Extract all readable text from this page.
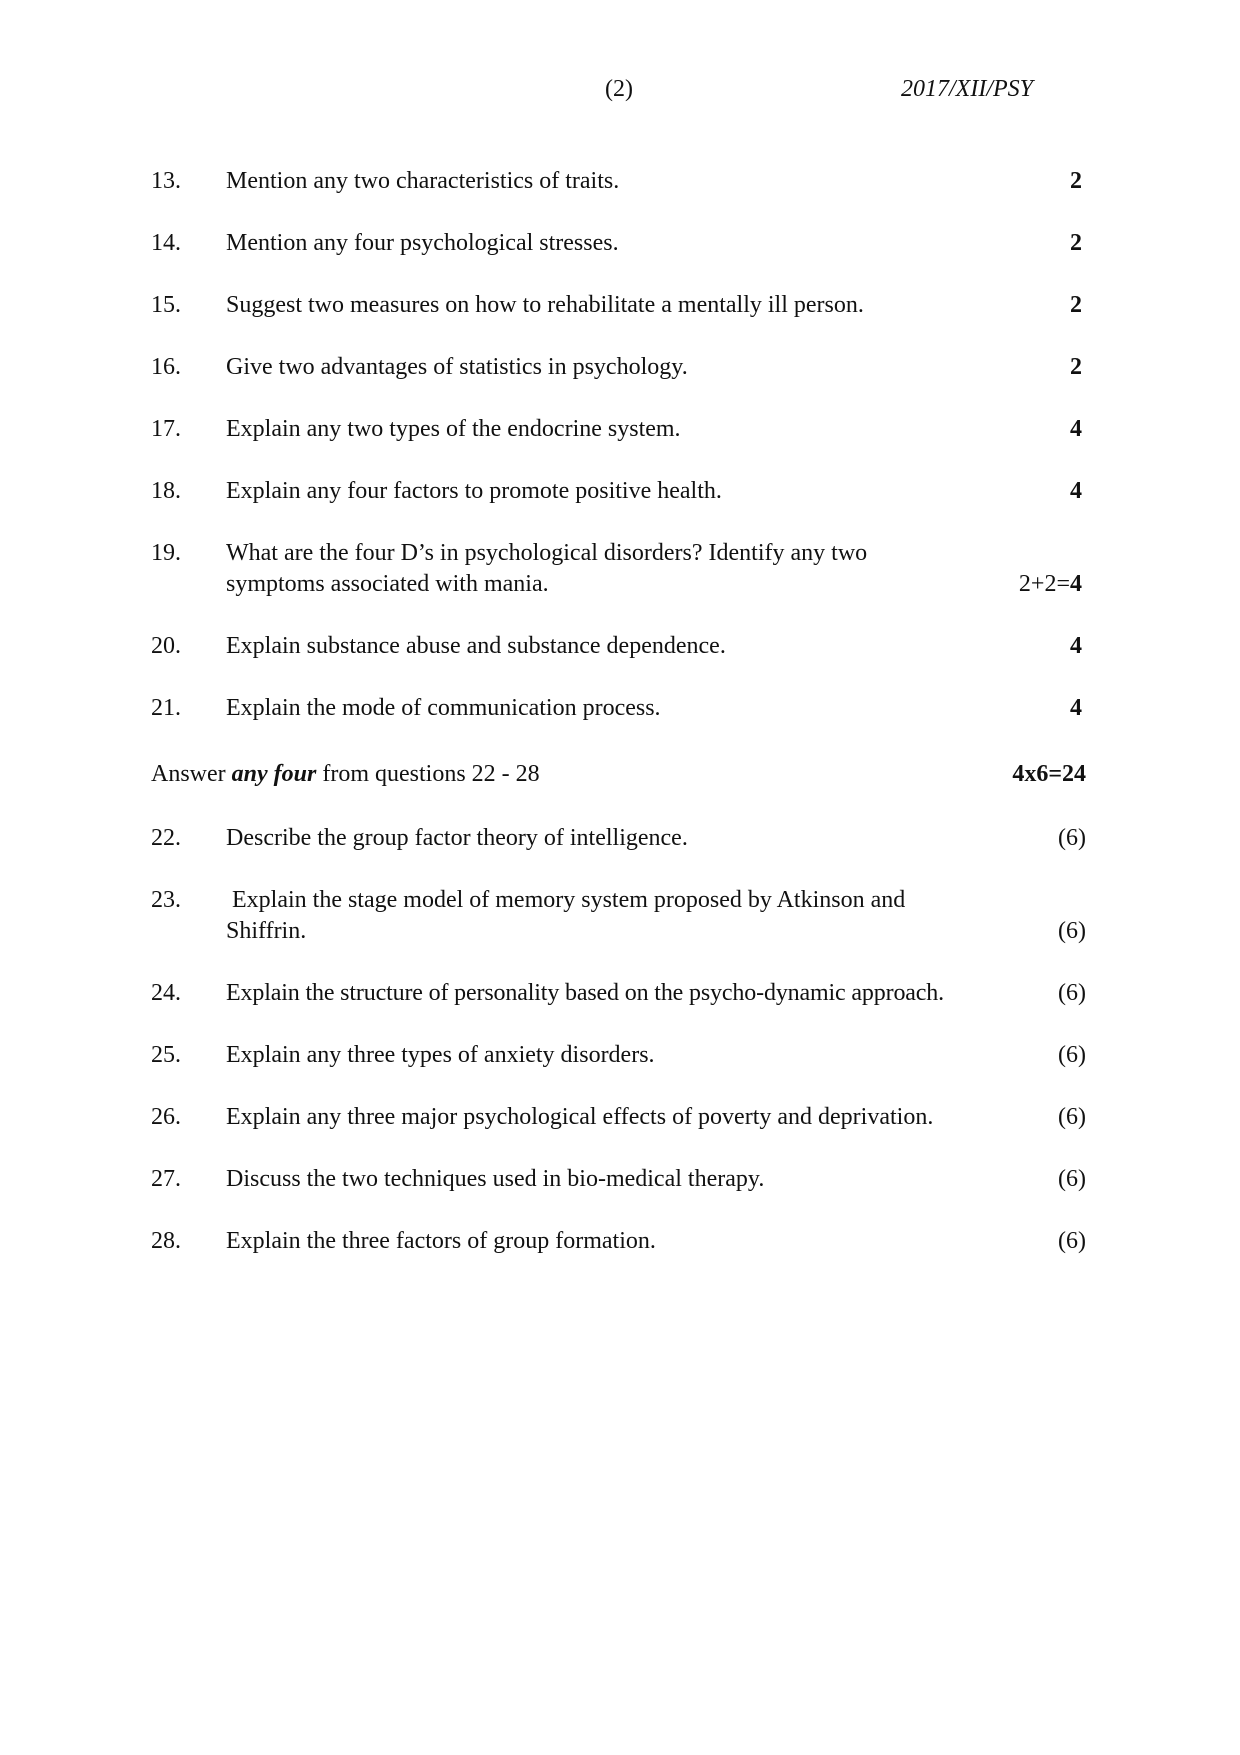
(2)	2017/XII/PSY
13. Mention any two characteristics of traits.	2
14. Mention any four psychological stresses.	2
15. Suggest two measures on how to rehabilitate a mentally ill person.	2
16. Give two advantages of statistics in psychology.	2
17. Explain any two types of the endocrine system.	4
18. Explain any four factors to promote positive health.	4
19. What are the four D’s in psychological disorders? Identify any two
symptoms associated with mania.	2+2=4
20. Explain substance abuse and substance dependence.	4
21. Explain the mode of communication process.	4
Answer any four from questions 22 - 28	4x6=24
22. Describe the group factor theory of intelligence.	(6)
23. Explain the stage model of memory system proposed by Atkinson and
Shiffrin.	(6)
24. Explain the structure of personality based on the psycho-dynamic approach.	(6)
25. Explain any three types of anxiety disorders.	(6)
26. Explain any three major psychological effects of poverty and deprivation.	(6)
27. Discuss the two techniques used in bio-medical therapy.	(6)
28. Explain the three factors of group formation.	(6)
